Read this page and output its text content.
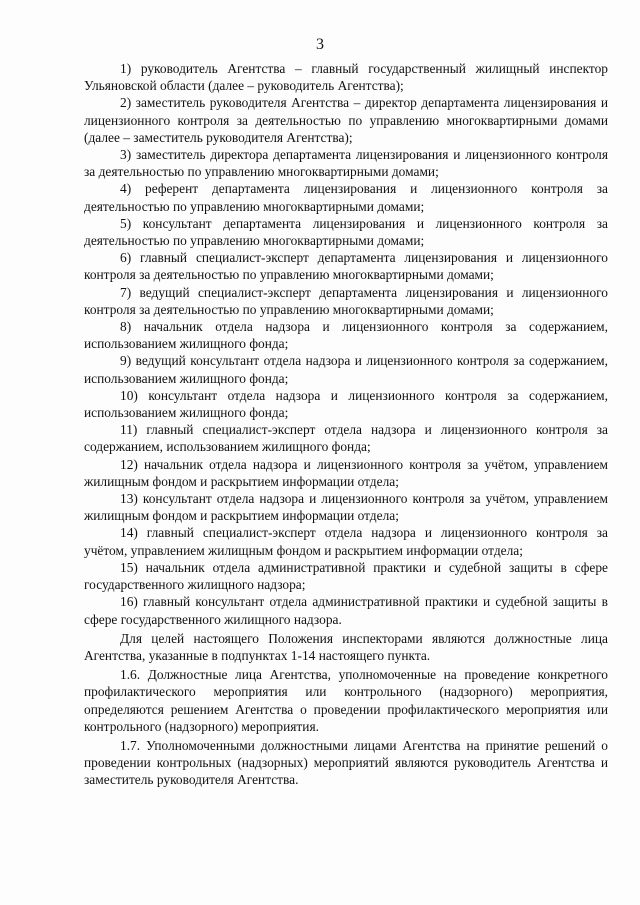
3

1) руководитель Агентства – главный государственный жилищный инспектор Ульяновской области (далее – руководитель Агентства);

2) заместитель руководителя Агентства – директор департамента лицензирования и лицензионного контроля за деятельностью по управлению многоквартирными домами (далее – заместитель руководителя Агентства);

3) заместитель директора департамента лицензирования и лицензионного контроля за деятельностью по управлению многоквартирными домами;

4) референт департамента лицензирования и лицензионного контроля за деятельностью по управлению многоквартирными домами;

5) консультант департамента лицензирования и лицензионного контроля за деятельностью по управлению многоквартирными домами;

6) главный специалист-эксперт департамента лицензирования и лицензионного контроля за деятельностью по управлению многоквартирными домами;

7) ведущий специалист-эксперт департамента лицензирования и лицензионного контроля за деятельностью по управлению многоквартирными домами;

8) начальник отдела надзора и лицензионного контроля за содержанием, использованием жилищного фонда;

9) ведущий консультант отдела надзора и лицензионного контроля за содержанием, использованием жилищного фонда;

10) консультант отдела надзора и лицензионного контроля за содержанием, использованием жилищного фонда;

11) главный специалист-эксперт отдела надзора и лицензионного контроля за содержанием, использованием жилищного фонда;

12) начальник отдела надзора и лицензионного контроля за учётом, управлением жилищным фондом и раскрытием информации отдела;

13) консультант отдела надзора и лицензионного контроля за учётом, управлением жилищным фондом и раскрытием информации отдела;

14) главный специалист-эксперт отдела надзора и лицензионного контроля за учётом, управлением жилищным фондом и раскрытием информации отдела;

15) начальник отдела административной практики и судебной защиты в сфере государственного жилищного надзора;

16) главный консультант отдела административной практики и судебной защиты в сфере государственного жилищного надзора.

Для целей настоящего Положения инспекторами являются должностные лица Агентства, указанные в подпунктах 1-14 настоящего пункта.

1.6. Должностные лица Агентства, уполномоченные на проведение конкретного профилактического мероприятия или контрольного (надзорного) мероприятия, определяются решением Агентства о проведении профилактического мероприятия или контрольного (надзорного) мероприятия.

1.7. Уполномоченными должностными лицами Агентства на принятие решений о проведении контрольных (надзорных) мероприятий являются руководитель Агентства и заместитель руководителя Агентства.
